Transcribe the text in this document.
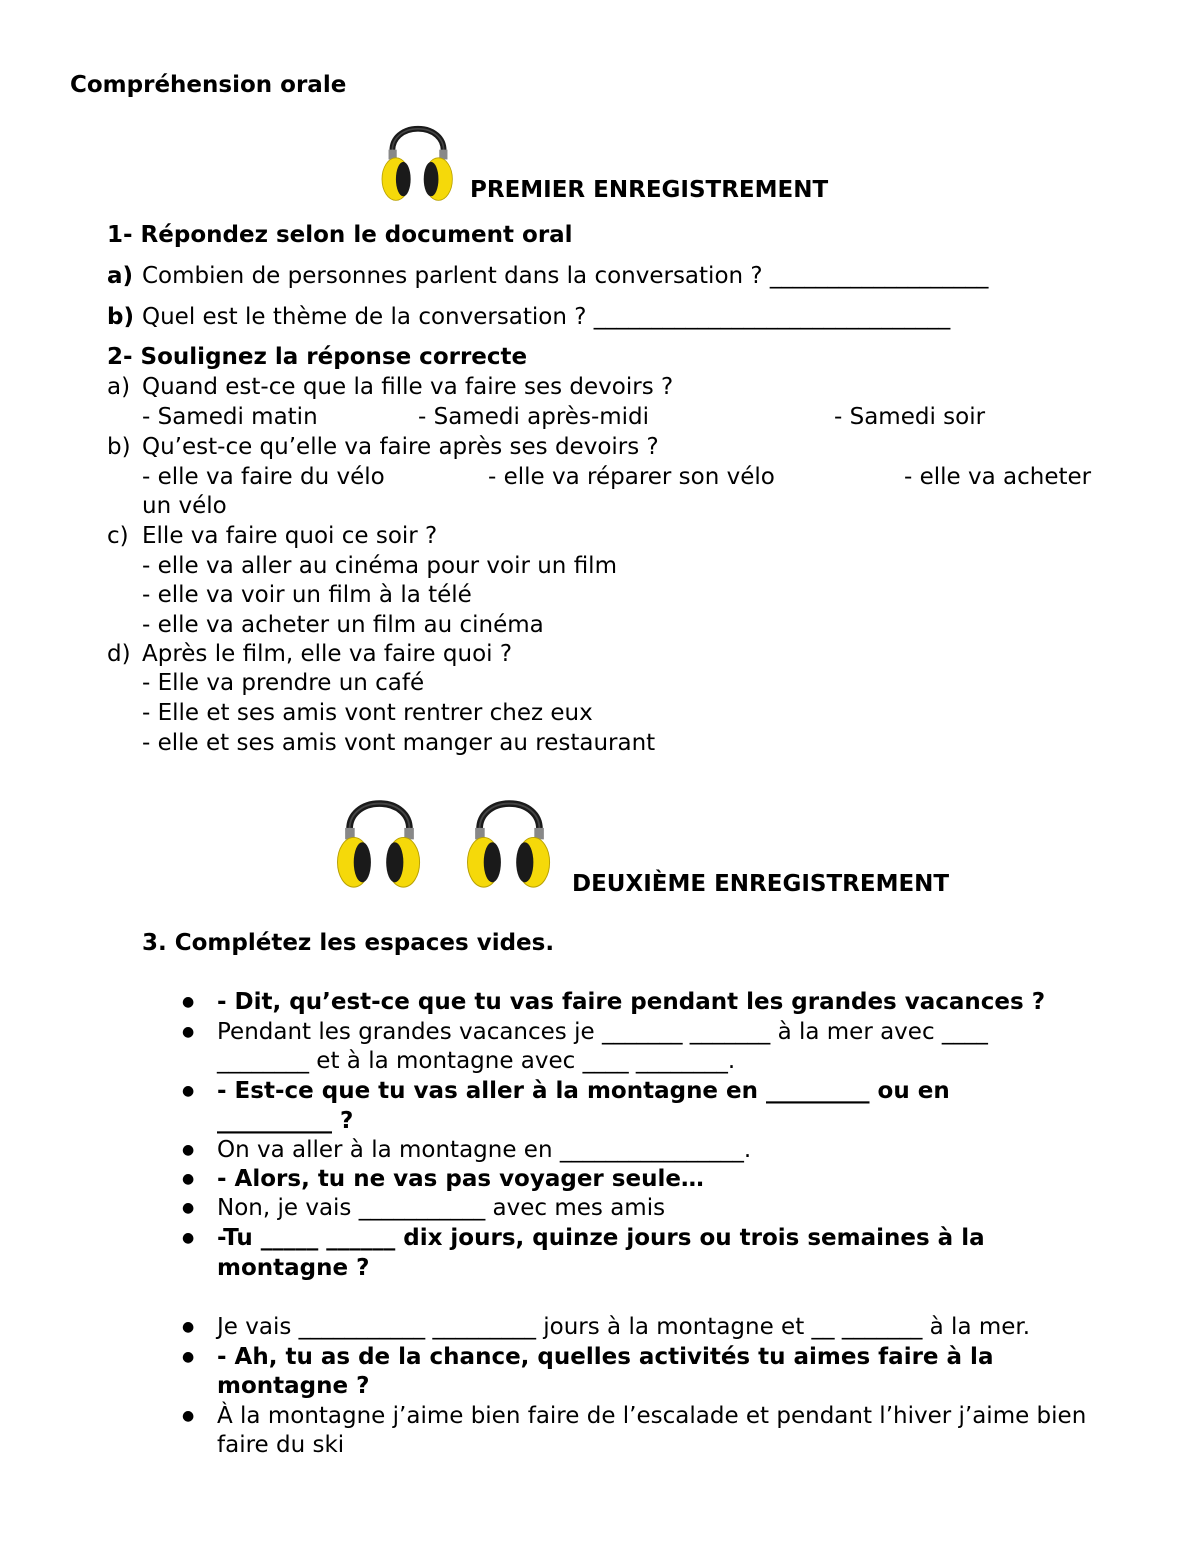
Compréhension orale
PREMIER ENREGISTREMENT
1- Répondez selon le document oral
a) Combien de personnes parlent dans la conversation ? ___________________
b) Quel est le thème de la conversation ? _______________________________
2- Soulignez la réponse correcte
a) Quand est-ce que la fille va faire ses devoirs ?
- Samedi matin	- Samedi après-midi	- Samedi soir
b) Qu’est-ce qu’elle va faire après ses devoirs ?
- elle va faire du vélo	- elle va réparer son vélo	- elle va acheter
un vélo
c) Elle va faire quoi ce soir ?
- elle va aller au cinéma pour voir un film
- elle va voir un film à la télé
- elle va acheter un film au cinéma
d) Après le film, elle va faire quoi ?
- Elle va prendre un café
- Elle et ses amis vont rentrer chez eux
- elle et ses amis vont manger au restaurant
DEUXIÈME ENREGISTREMENT
3. Complétez les espaces vides.
● - Dit, qu’est-ce que tu vas faire pendant les grandes vacances ?
● Pendant les grandes vacances je _______ _______ à la mer avec ____
________ et à la montagne avec ____ ________.
● - Est-ce que tu vas aller à la montagne en _________ ou en
__________ ?
● On va aller à la montagne en ________________.
● - Alors, tu ne vas pas voyager seule…
● Non, je vais ___________ avec mes amis
● -Tu _____ ______ dix jours, quinze jours ou trois semaines à la
montagne ?
● Je vais ___________ _________ jours à la montagne et __ _______ à la mer.
● - Ah, tu as de la chance, quelles activités tu aimes faire à la
montagne ?
● À la montagne j’aime bien faire de l’escalade et pendant l’hiver j’aime bien
faire du ski
